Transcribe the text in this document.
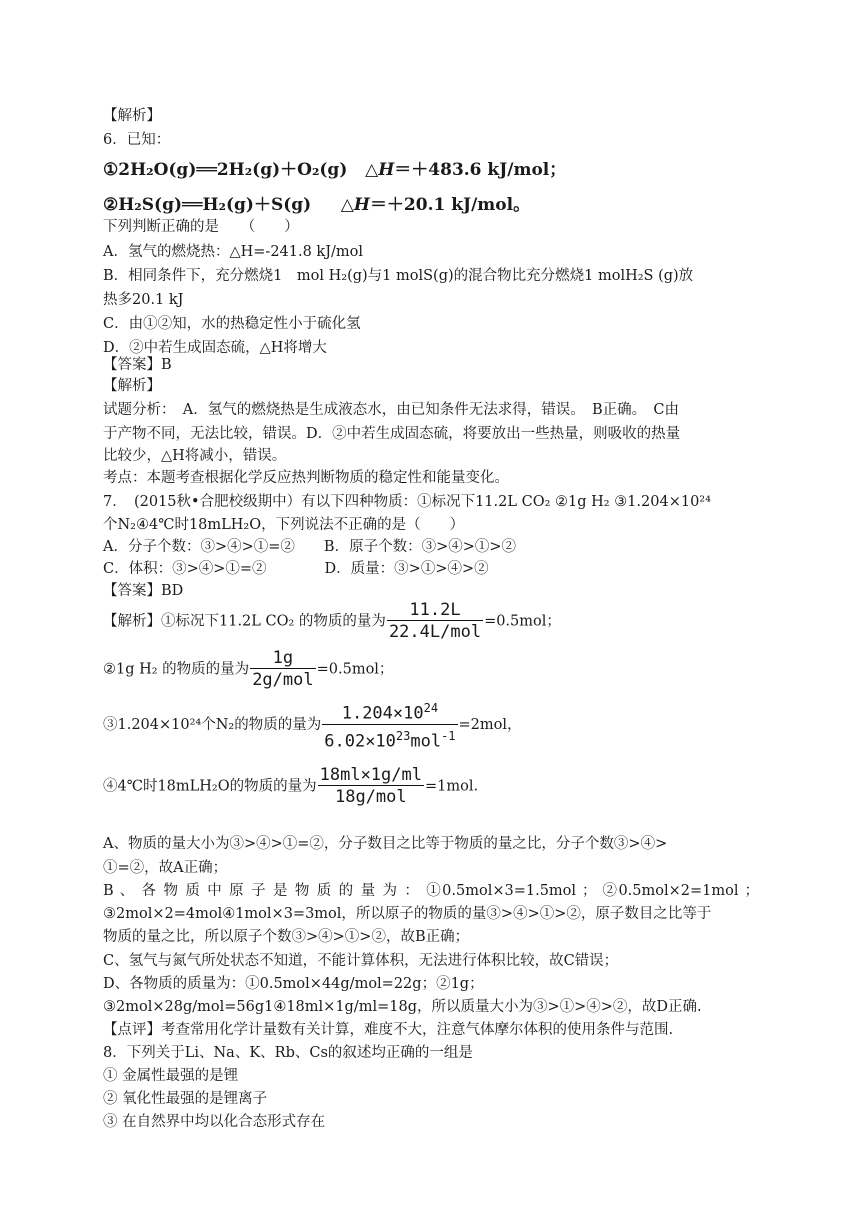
【解析】
6．已知：
①2H₂O(g)══2H₂(g)＋O₂(g) △H＝＋483.6 kJ/mol；
②H₂S(g)══H₂(g)＋S(g) △H＝＋20.1 kJ/mol。
下列判断正确的是　　（　　）
A．氢气的燃烧热：△H=-241.8 kJ/mol
B．相同条件下，充分燃烧1　mol H₂(g)与1 molS(g)的混合物比充分燃烧1 molH₂S (g)放
热多20.1 kJ
C．由①②知，水的热稳定性小于硫化氢
D．②中若生成固态硫，△H将增大
【答案】B
【解析】
试题分析：　A．氢气的燃烧热是生成液态水，由已知条件无法求得，错误。　B正确。　C由
于产物不同，无法比较，错误。D．②中若生成固态硫，将要放出一些热量，则吸收的热量
比较少，△H将减小，错误。
考点：本题考查根据化学反应热判断物质的稳定性和能量变化。
7．　(2015秋•合肥校级期中）有以下四种物质：①标况下11.2L CO₂ ②1g H₂ ③1.204×10²⁴
个N₂④4℃时18mLH₂O，下列说法不正确的是（　　）
A．分子个数：③>④>①=②　　B．原子个数：③>④>①>②
C．体积：③>④>①=②　　　　D．质量：③>①>④>②
【答案】BD
【解析】①标况下11.2L CO₂ 的物质的量为 $\frac{11.2L}{\text{22.4L/mol}} =0.5mol$；
②1g H₂ 的物质的量为 $\frac{1g}{\text{2g/mol}} =0.5mol$；
③1.204×10²⁴个N₂的物质的量为 $\frac{1.204\times 10^{24}}{6.02\times 10^{23}mol^{-1}} =2mol$，
④4℃时18mLH₂O的物质的量为 $\frac{18ml\times 1g/ml}{\text{18g/mol}} =1mol$.
A、物质的量大小为③>④>①=②，分子数目之比等于物质的量之比，分子个数③>④>
①=②，故A正确；
B 、 各 物 质 中 原 子 是 物 质 的 量 为 ： ①0.5mol×3=1.5mol ； ②0.5mol×2=1mol ；
③2mol×2=4mol④1mol×3=3mol，所以原子的物质的量③>④>①>②，原子数目之比等于
物质的量之比，所以原子个数③>④>①>②，故B正确；
C、氢气与氮气所处状态不知道，不能计算体积，无法进行体积比较，故C错误；
D、各物质的质量为：①0.5mol×44g/mol=22g；②1g；
③2mol×28g/mol=56g1④18ml×1g/ml=18g，所以质量大小为③>①>④>②，故D正确.
【点评】考查常用化学计量数有关计算，难度不大，注意气体摩尔体积的使用条件与范围.
8．下列关于Li、Na、K、Rb、Cs的叙述均正确的一组是
① 金属性最强的是锂
② 氧化性最强的是锂离子
③ 在自然界中均以化合态形式存在
